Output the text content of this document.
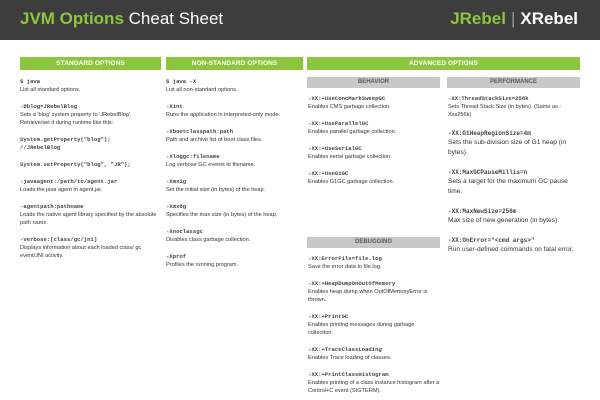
JVM Options Cheat Sheet	JRebel | XRebel
STANDARD OPTIONS	NON-STANDARD OPTIONS	ADVANCED OPTIONS
BEHAVIOR	PERFORMANCE
DEBUGGING
$ java
List all standard options.
-Dblog=JRebelBlog
Sets a 'blog' system property to 'JRebelBlog'. Retrieve/set it during runtime like this:
System.getProperty("blog");
//JRebelBlog
System.setProperty("blog", "JR");
-javaagent:/path/to/agent.jar
Loads the java agent in agent.jar.
-agentpath:pathname
Loads the native agent library specified by the absolute path name.
-verbose:[class/gc/jni]
Displays information about each loaded class/ gc event/JNI activity.
$ java -X
List all non-standard options.
-Xint
Runs the application in interpreted-only mode.
-Xbootclasspath:path
Path and archive list of boot class files.
-Xloggc:filename
Log verbose GC events to filename.
-Xmx1g
Set the initial size (in bytes) of the heap.
-Xmx8g
Specifies the max size (in bytes) of the heap.
-Xnoclassgc
Disables class garbage collection.
-Xprof
Profiles the running program.
-XX:+UseConcMarkSweepGC
Enables CMS garbage collection.
-XX:+UseParallelGC
Enables parallel garbage collection.
-XX:+UseSerialGC
Enables serial garbage collection.
-XX:+UseG1GC
Enables G1GC garbage collection.
-XX:ErrorFile=file.log
Save the error data to file.log.
-XX:+HeapDumpOnOutOfMemory
Enables heap dump when OutOfMemoryError is thrown.
-XX:+PrintGC
Enables printing messages during garbage collection.
-XX:+TraceClassLoading
Enables Trace loading of classes.
-XX:+PrintClassHistogram
Enables printing of a class instance histogram after a Control+C event (SIGTERM).
-XX:ThreadStackSize=256k
Sets Thread Stack Size (in bytes). (Same as -Xss256k)
-XX:G1HeapRegionSize=4m
Sets the sub-division size of G1 heap (in bytes).
-XX:MaxGCPauseMillis=n
Sets a target for the maximum GC pause time.
-XX:MaxNewSize=256m
Max size of new generation (in bytes).
-XX:OnError="<cmd args>"
Run user-defined commands on fatal error.
